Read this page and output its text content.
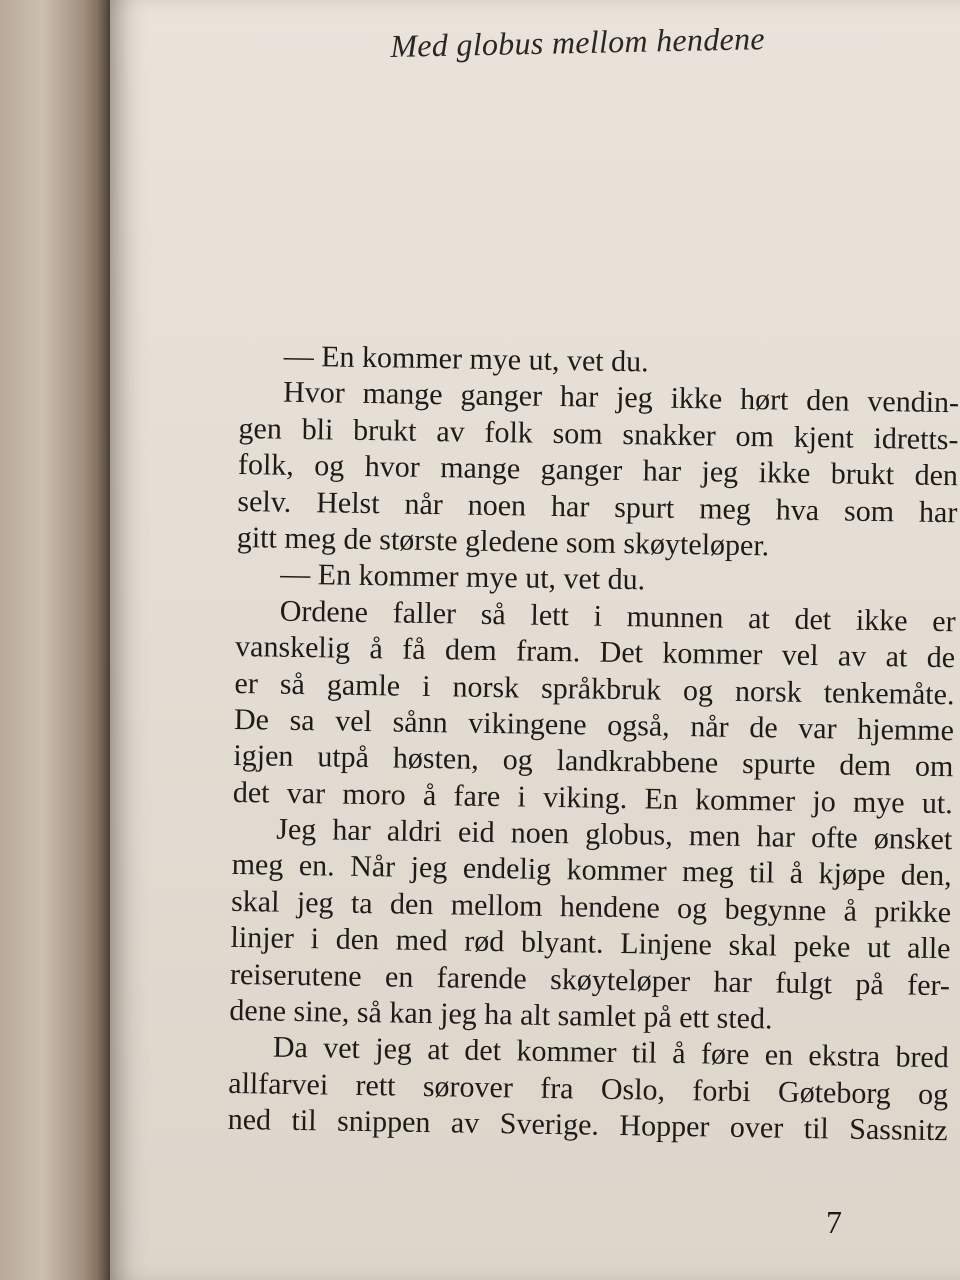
Med globus mellom hendene
— En kommer mye ut, vet du.
Hvor mange ganger har jeg ikke hørt den vendin-
gen bli brukt av folk som snakker om kjent idretts-
folk, og hvor mange ganger har jeg ikke brukt den
selv. Helst når noen har spurt meg hva som har
gitt meg de største gledene som skøyteløper.
— En kommer mye ut, vet du.
Ordene faller så lett i munnen at det ikke er
vanskelig å få dem fram. Det kommer vel av at de
er så gamle i norsk språkbruk og norsk tenkemåte.
De sa vel sånn vikingene også, når de var hjemme
igjen utpå høsten, og landkrabbene spurte dem om
det var moro å fare i viking. En kommer jo mye ut.
Jeg har aldri eid noen globus, men har ofte ønsket
meg en. Når jeg endelig kommer meg til å kjøpe den,
skal jeg ta den mellom hendene og begynne å prikke
linjer i den med rød blyant. Linjene skal peke ut alle
reiserutene en farende skøyteløper har fulgt på fer-
dene sine, så kan jeg ha alt samlet på ett sted.
Da vet jeg at det kommer til å føre en ekstra bred
allfarvei rett sørover fra Oslo, forbi Gøteborg og
ned til snippen av Sverige. Hopper over til Sassnitz
7
